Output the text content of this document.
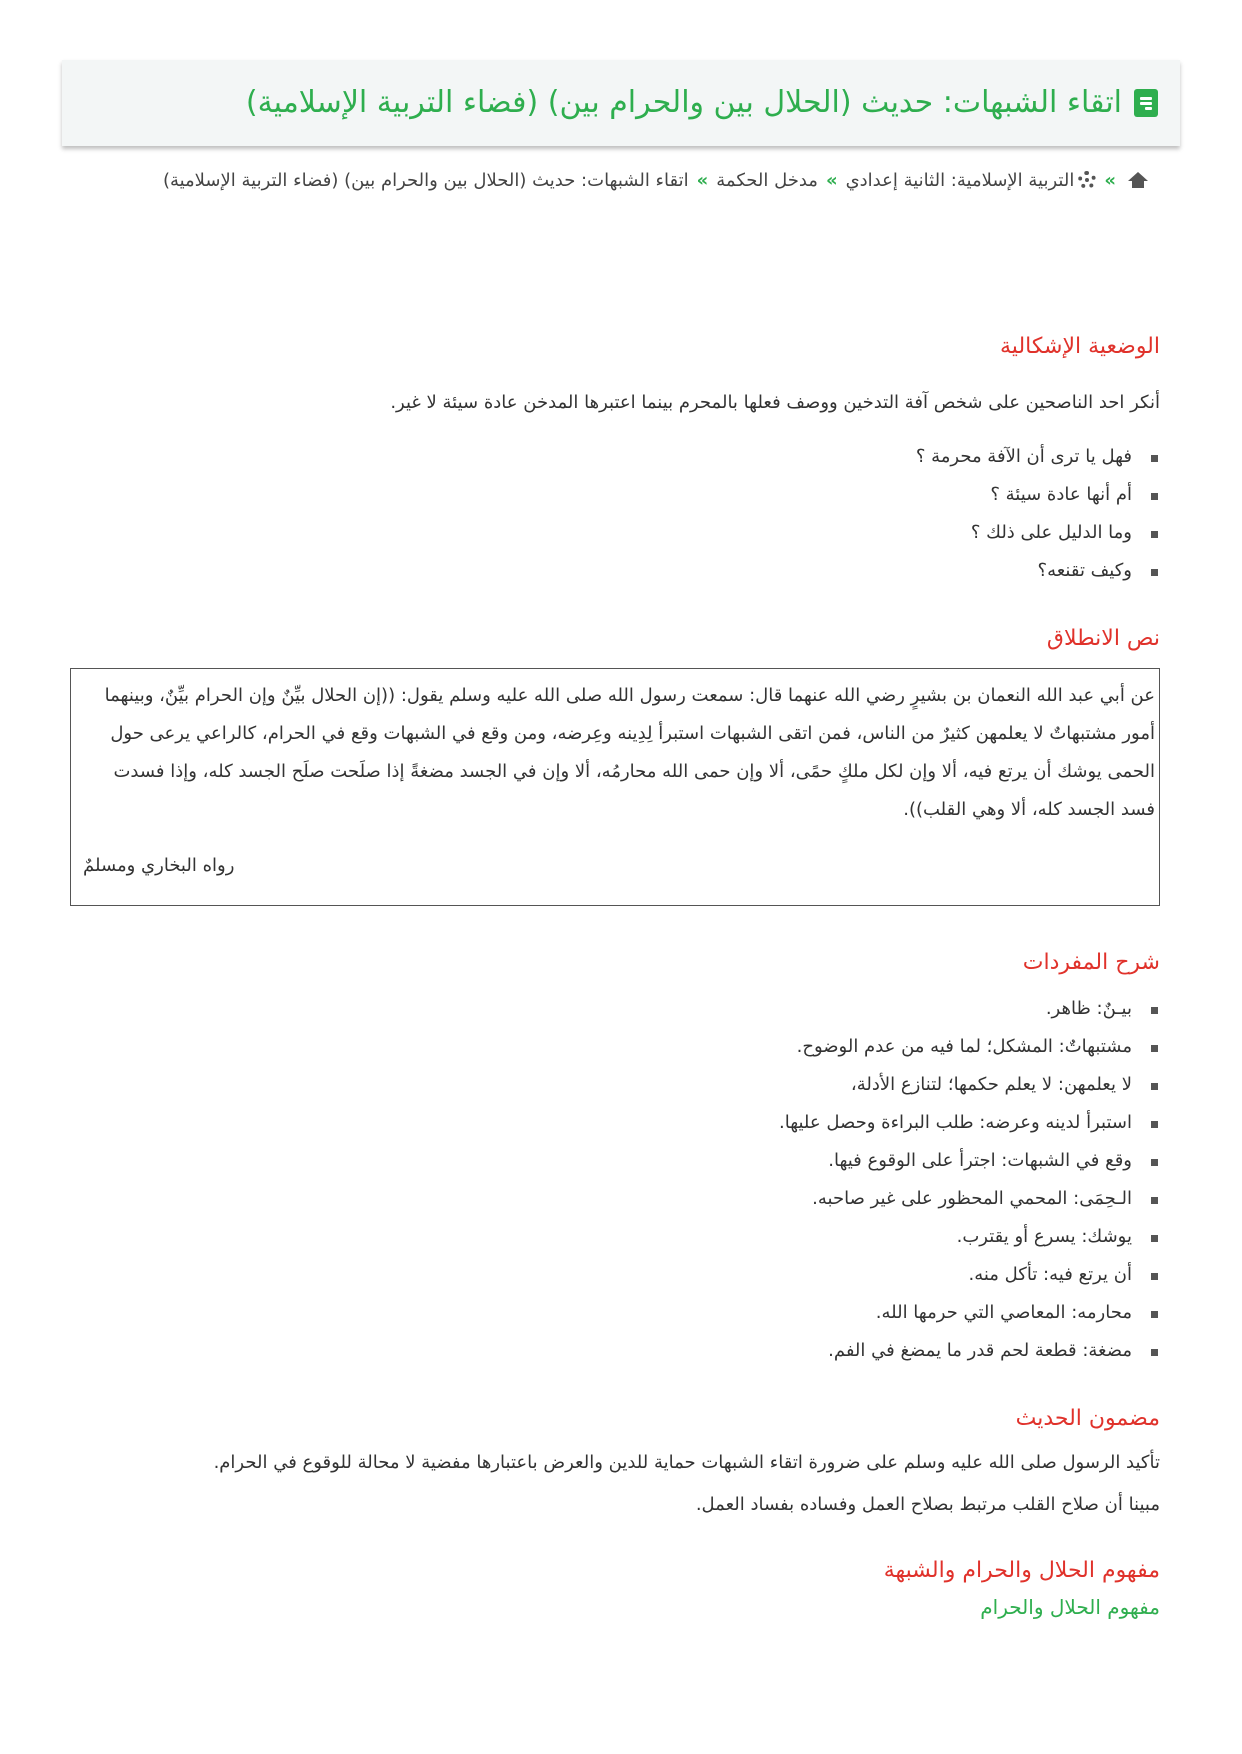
اتقاء الشبهات: حديث (الحلال بين والحرام بين) (فضاء التربية الإسلامية)
»التربية الإسلامية: الثانية إعدادي»مدخل الحكمة»اتقاء الشبهات: حديث (الحلال بين والحرام بين) (فضاء التربية الإسلامية)
الوضعية الإشكالية

أنكر احد الناصحين على شخص آفة التدخين ووصف فعلها بالمحرم بينما اعتبرها المدخن عادة سيئة لا غير.

فهل يا ترى أن الآفة محرمة ؟
أم أنها عادة سيئة ؟
وما الدليل على ذلك ؟
وكيف تقنعه؟
نص الانطلاق

عن أبي عبد الله النعمان بن بشيرٍ رضي الله عنهما قال: سمعت رسول الله صلى الله عليه وسلم يقول: ((إن الحلال بيِّنٌ وإن الحرام بيِّنٌ، وبينهما أمور مشتبهاتٌ لا يعلمهن كثيرٌ من الناس، فمن اتقى الشبهات استبرأ لِدِينه وعِرضه، ومن وقع في الشبهات وقع في الحرام، كالراعي يرعى حول الحمى يوشك أن يرتع فيه، ألا وإن لكل ملكٍ حمًى، ألا وإن حمى الله محارمُه، ألا وإن في الجسد مضغةً إذا صلَحت صلَح الجسد كله، وإذا فسدت فسد الجسد كله، ألا وهي القلب)).

رواه البخاري ومسلمٌ

شرح المفردات
بيـنٌ: ظاهر.
مشتبهاتٌ: المشكل؛ لما فيه من عدم الوضوح.
لا يعلمهن: لا يعلم حكمها؛ لتنازع الأدلة،
استبرأ لدينه وعرضه: طلب البراءة وحصل عليها.
وقع في الشبهات: اجترأ على الوقوع فيها.
الـحِمَى: المحمي المحظور على غير صاحبه.
يوشك: يسرع أو يقترب.
أن يرتع فيه: تأكل منه.
محارمه: المعاصي التي حرمها الله.
مضغة: قطعة لحم قدر ما يمضغ في الفم.
مضمون الحديث

تأكيد الرسول صلى الله عليه وسلم على ضرورة اتقاء الشبهات حماية للدين والعرض باعتبارها مفضية لا محالة للوقوع في الحرام.

مبينا أن صلاح القلب مرتبط بصلاح العمل وفساده بفساد العمل.

مفهوم الحلال والحرام والشبهة
مفهوم الحلال والحرام
